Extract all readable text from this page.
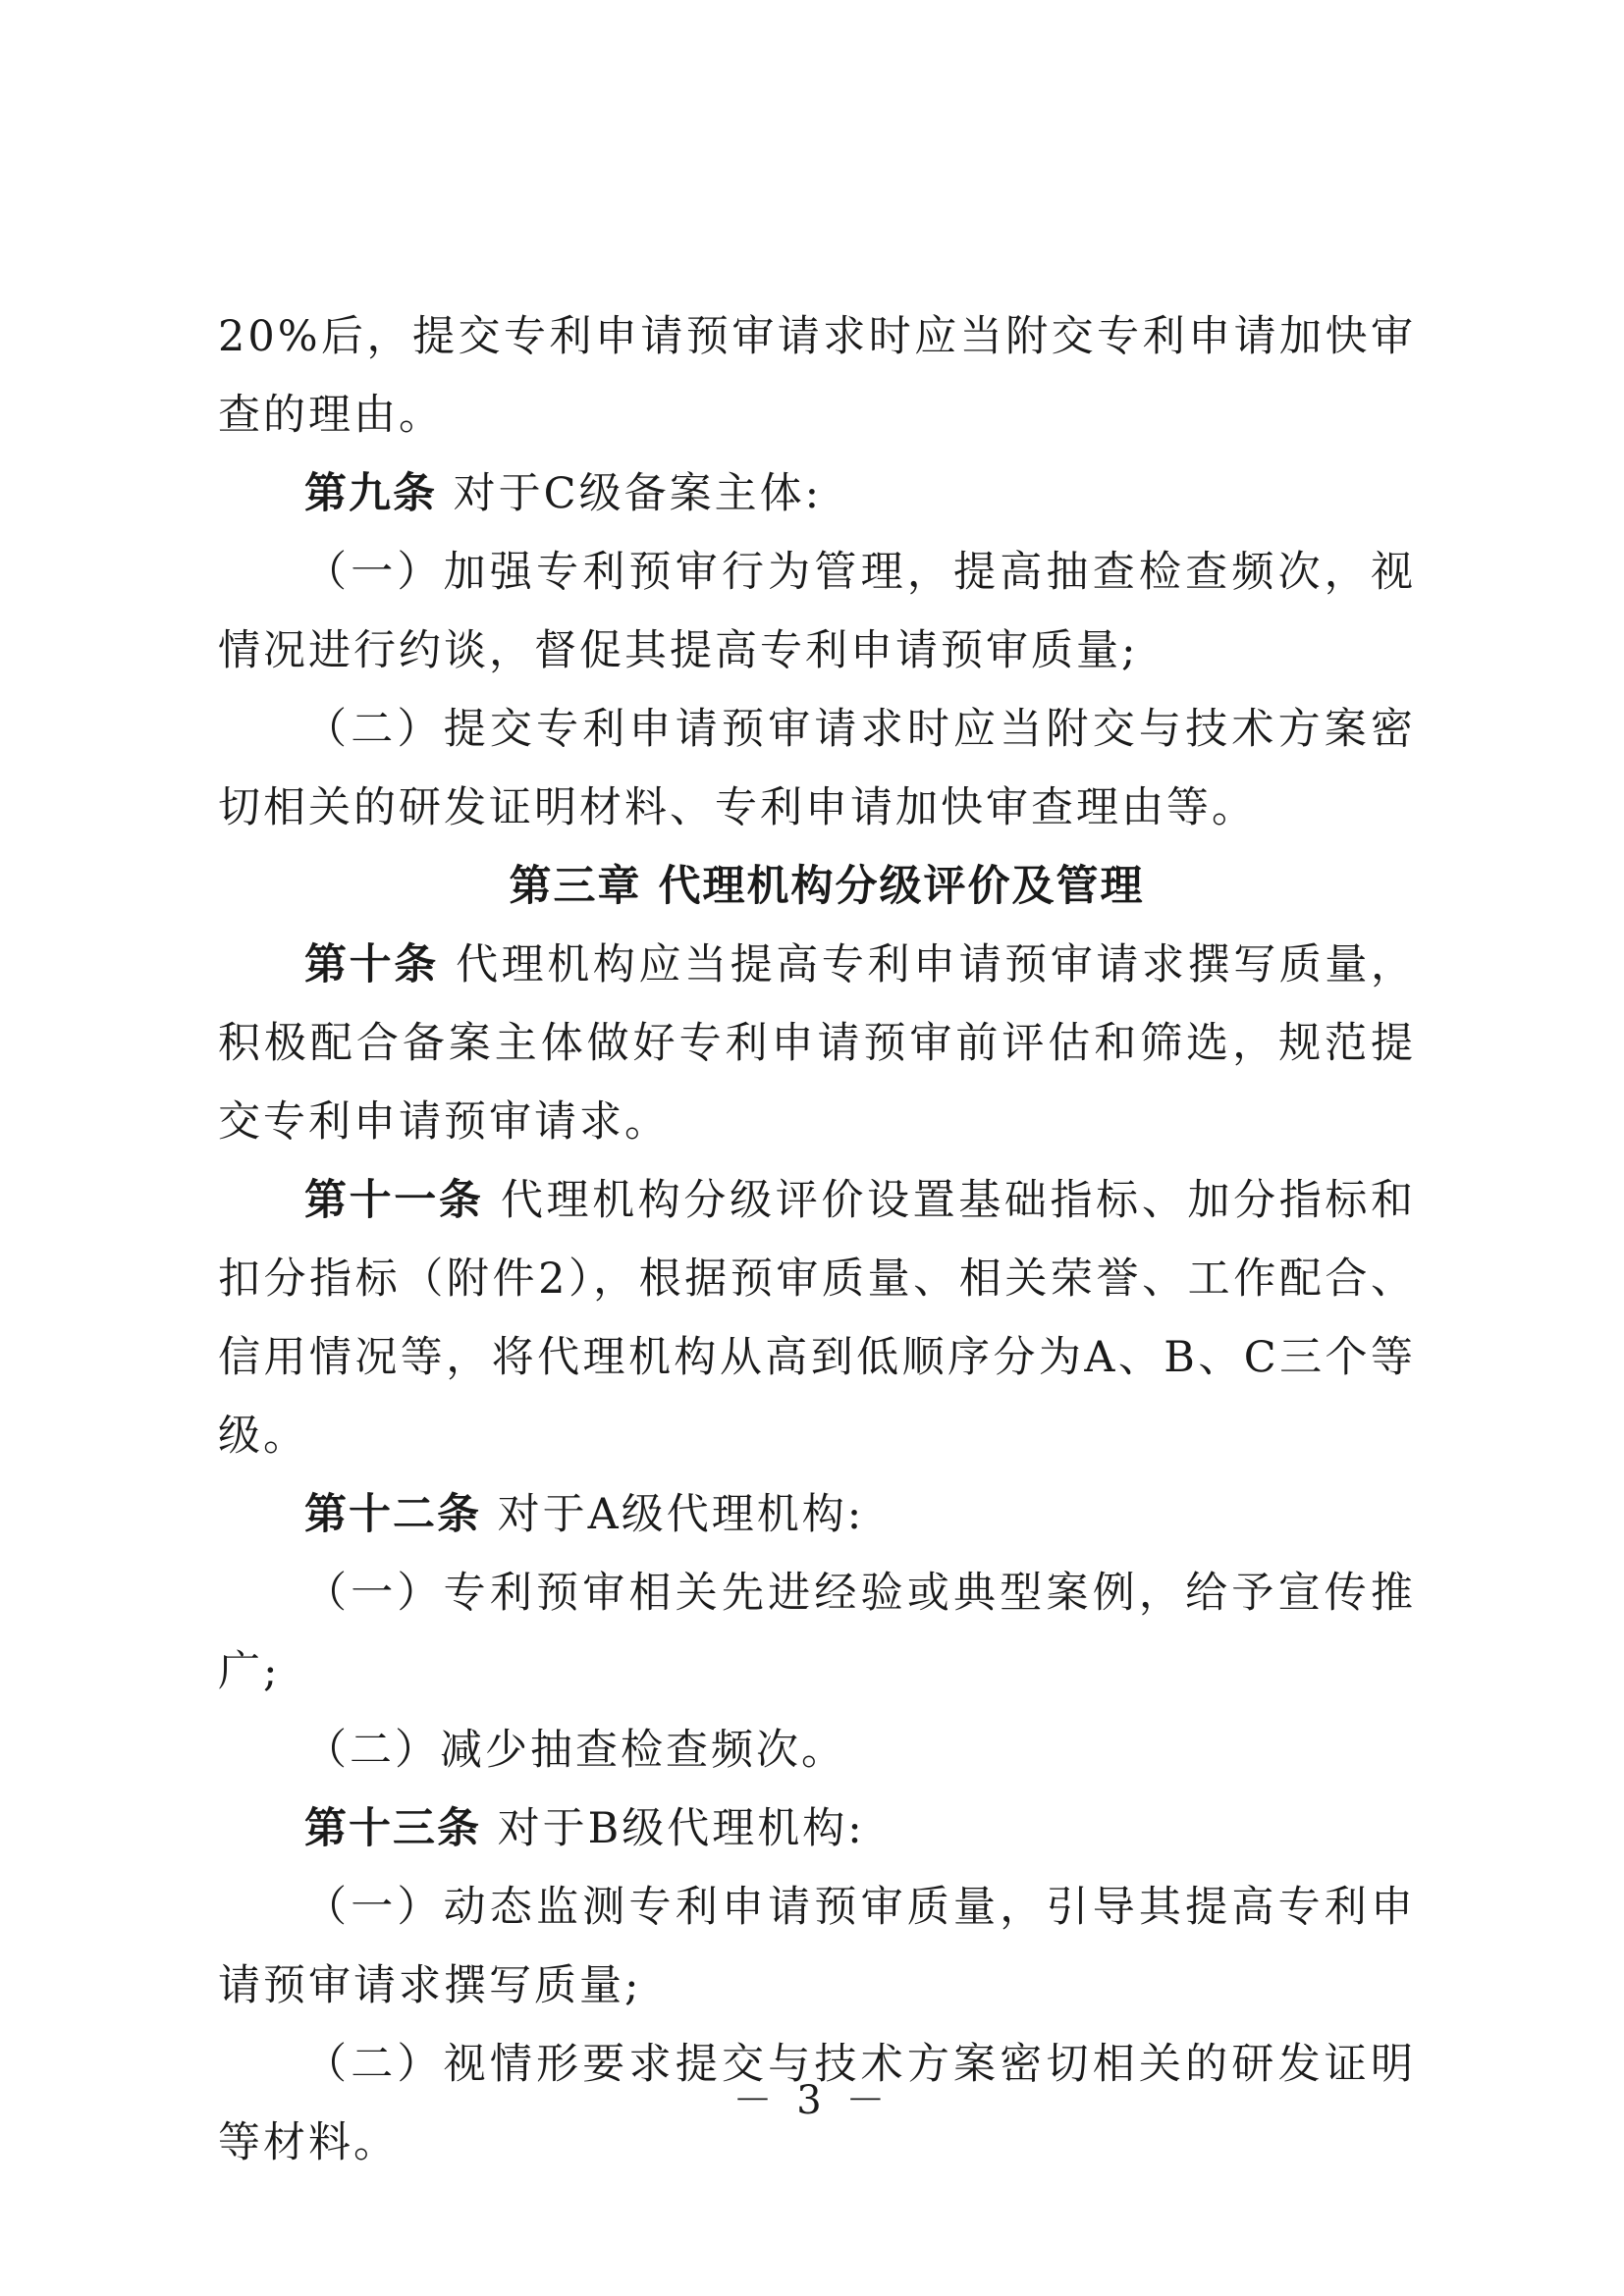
20%后，提交专利申请预审请求时应当附交专利申请加快审查的理由。

第九条 对于C级备案主体:

（一）加强专利预审行为管理，提高抽查检查频次，视情况进行约谈，督促其提高专利申请预审质量;

（二）提交专利申请预审请求时应当附交与技术方案密切相关的研发证明材料、专利申请加快审查理由等。

第三章 代理机构分级评价及管理

第十条 代理机构应当提高专利申请预审请求撰写质量，积极配合备案主体做好专利申请预审前评估和筛选，规范提交专利申请预审请求。

第十一条 代理机构分级评价设置基础指标、加分指标和扣分指标（附件2），根据预审质量、相关荣誉、工作配合、信用情况等，将代理机构从高到低顺序分为A、B、C三个等级。

第十二条 对于A级代理机构:

（一）专利预审相关先进经验或典型案例，给予宣传推广;

（二）减少抽查检查频次。

第十三条 对于B级代理机构:

（一）动态监测专利申请预审质量，引导其提高专利申请预审请求撰写质量;

（二）视情形要求提交与技术方案密切相关的研发证明等材料。

－ 3 －
